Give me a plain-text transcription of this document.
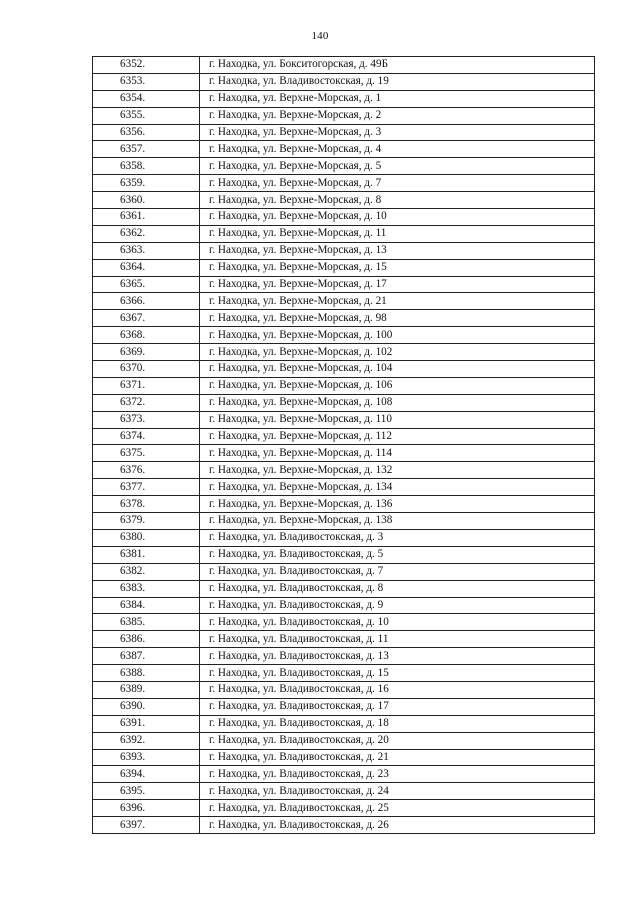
140
6352.	г. Находка, ул. Бокситогорская, д. 49Б
6353.	г. Находка, ул. Владивостокская, д. 19
6354.	г. Находка, ул. Верхне-Морская, д. 1
6355.	г. Находка, ул. Верхне-Морская, д. 2
6356.	г. Находка, ул. Верхне-Морская, д. 3
6357.	г. Находка, ул. Верхне-Морская, д. 4
6358.	г. Находка, ул. Верхне-Морская, д. 5
6359.	г. Находка, ул. Верхне-Морская, д. 7
6360.	г. Находка, ул. Верхне-Морская, д. 8
6361.	г. Находка, ул. Верхне-Морская, д. 10
6362.	г. Находка, ул. Верхне-Морская, д. 11
6363.	г. Находка, ул. Верхне-Морская, д. 13
6364.	г. Находка, ул. Верхне-Морская, д. 15
6365.	г. Находка, ул. Верхне-Морская, д. 17
6366.	г. Находка, ул. Верхне-Морская, д. 21
6367.	г. Находка, ул. Верхне-Морская, д. 98
6368.	г. Находка, ул. Верхне-Морская, д. 100
6369.	г. Находка, ул. Верхне-Морская, д. 102
6370.	г. Находка, ул. Верхне-Морская, д. 104
6371.	г. Находка, ул. Верхне-Морская, д. 106
6372.	г. Находка, ул. Верхне-Морская, д. 108
6373.	г. Находка, ул. Верхне-Морская, д. 110
6374.	г. Находка, ул. Верхне-Морская, д. 112
6375.	г. Находка, ул. Верхне-Морская, д. 114
6376.	г. Находка, ул. Верхне-Морская, д. 132
6377.	г. Находка, ул. Верхне-Морская, д. 134
6378.	г. Находка, ул. Верхне-Морская, д. 136
6379.	г. Находка, ул. Верхне-Морская, д. 138
6380.	г. Находка, ул. Владивостокская, д. 3
6381.	г. Находка, ул. Владивостокская, д. 5
6382.	г. Находка, ул. Владивостокская, д. 7
6383.	г. Находка, ул. Владивостокская, д. 8
6384.	г. Находка, ул. Владивостокская, д. 9
6385.	г. Находка, ул. Владивостокская, д. 10
6386.	г. Находка, ул. Владивостокская, д. 11
6387.	г. Находка, ул. Владивостокская, д. 13
6388.	г. Находка, ул. Владивостокская, д. 15
6389.	г. Находка, ул. Владивостокская, д. 16
6390.	г. Находка, ул. Владивостокская, д. 17
6391.	г. Находка, ул. Владивостокская, д. 18
6392.	г. Находка, ул. Владивостокская, д. 20
6393.	г. Находка, ул. Владивостокская, д. 21
6394.	г. Находка, ул. Владивостокская, д. 23
6395.	г. Находка, ул. Владивостокская, д. 24
6396.	г. Находка, ул. Владивостокская, д. 25
6397.	г. Находка, ул. Владивостокская, д. 26
